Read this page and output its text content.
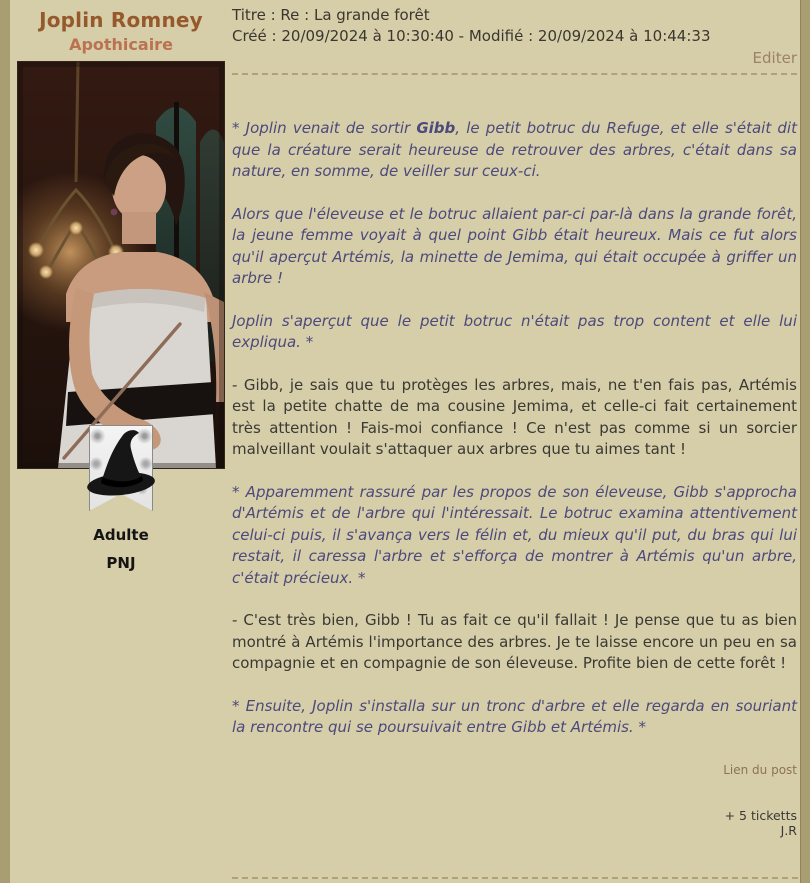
Joplin Romney
Apothicaire
Adulte
PNJ
Titre : Re : La grande forêt
Créé : 20/09/2024 à 10:30:40 - Modifié : 20/09/2024 à 10:44:33
Editer

* Joplin venait de sortir Gibb, le petit botruc du Refuge, et elle s'était dit que la créature serait heureuse de retrouver des arbres, c'était dans sa nature, en somme, de veiller sur ceux-ci.

Alors que l'éleveuse et le botruc allaient par-ci par-là dans la grande forêt, la jeune femme voyait à quel point Gibb était heureux. Mais ce fut alors qu'il aperçut Artémis, la minette de Jemima, qui était occupée à griffer un arbre !

Joplin s'aperçut que le petit botruc n'était pas trop content et elle lui expliqua. *

- Gibb, je sais que tu protèges les arbres, mais, ne t'en fais pas, Artémis est la petite chatte de ma cousine Jemima, et celle-ci fait certainement très attention ! Fais-moi confiance ! Ce n'est pas comme si un sorcier malveillant voulait s'attaquer aux arbres que tu aimes tant !

* Apparemment rassuré par les propos de son éleveuse, Gibb s'approcha d'Artémis et de l'arbre qui l'intéressait. Le botruc examina attentivement celui-ci puis, il s'avança vers le félin et, du mieux qu'il put, du bras qui lui restait, il caressa l'arbre et s'efforça de montrer à Artémis qu'un arbre, c'était précieux. *

- C'est très bien, Gibb ! Tu as fait ce qu'il fallait ! Je pense que tu as bien montré à Artémis l'importance des arbres. Je te laisse encore un peu en sa compagnie et en compagnie de son éleveuse. Profite bien de cette forêt !

* Ensuite, Joplin s'installa sur un tronc d'arbre et elle regarda en souriant la rencontre qui se poursuivait entre Gibb et Artémis. *

Lien du post
+ 5 ticketts
J.R
